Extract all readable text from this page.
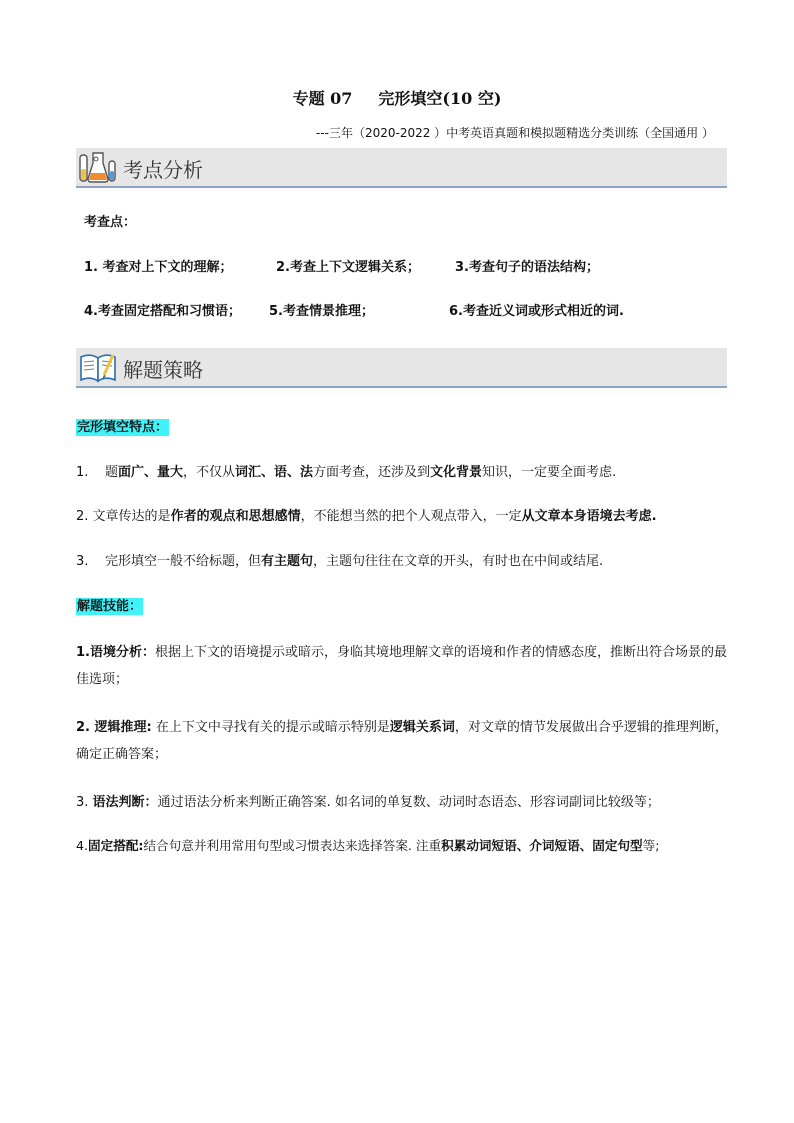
专题 07 完形填空(10 空)
---三年（2020-2022 ）中考英语真题和模拟题精选分类训练（全国通用 ）
考点分析
考查点：
1. 考查对上下文的理解；	2.考查上下文逻辑关系；	3.考查句子的语法结构；
4.考查固定搭配和习惯语； 5.考查情景推理；	6.考查近义词或形式相近的词.
解题策略
完形填空特点：
1. 题面广、量大，不仅从词汇、语、法方面考查，还涉及到文化背景知识，一定要全面考虑.
2. 文章传达的是作者的观点和思想感情，不能想当然的把个人观点带入，一定从文章本身语境去考虑.
3. 完形填空一般不给标题，但有主题句，主题句往往在文章的开头，有时也在中间或结尾.
解题技能：
1.语境分析：根据上下文的语境提示或暗示，身临其境地理解文章的语境和作者的情感态度，推断出符合场景的最佳选项；
2. 逻辑推理: 在上下文中寻找有关的提示或暗示特别是逻辑关系词，对文章的情节发展做出合乎逻辑的推理判断，确定正确答案；
3. 语法判断：通过语法分析来判断正确答案. 如名词的单复数、动词时态语态、形容词副词比较级等；
4.固定搭配:结合句意并利用常用句型或习惯表达来选择答案. 注重积累动词短语、介词短语、固定句型等;
